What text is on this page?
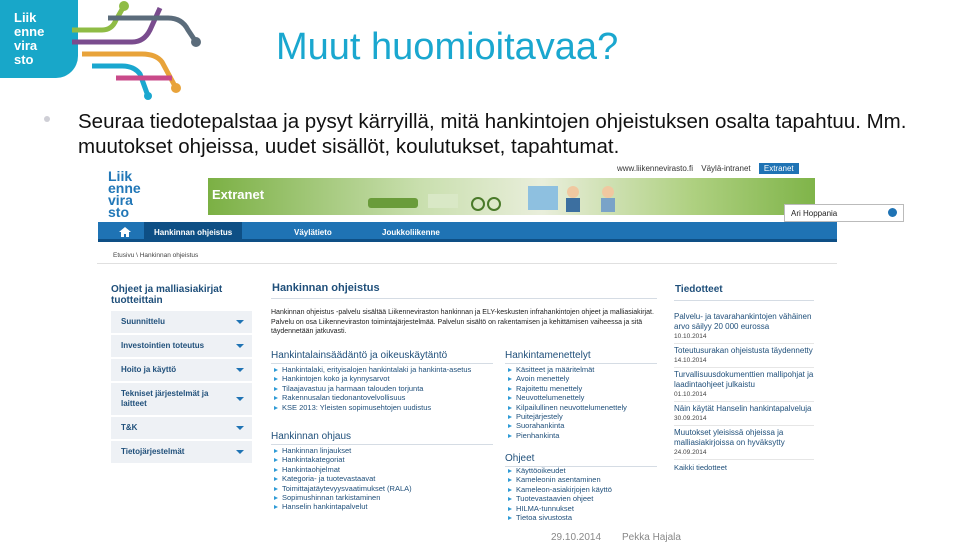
Liik
enne
vira
sto	Muut huomioitavaa?
Seuraa tiedotepalstaa ja pysyt kärryillä, mitä hankintojen ohjeistuksen osalta tapahtuu. Mm. muutokset ohjeissa, uudet sisällöt, koulutukset, tapahtumat.
Liik
enne
vira
sto
www.liikennevirasto.fi Väylä-intranet Extranet
Extranet
Ari Hoppania
Hankinnan ohjeistus	Väylätieto	Joukkoliikenne
Etusivu \ Hankinnan ohjeistus
Ohjeet ja malliasiakirjat tuotteittain
Suunnittelu
Investointien toteutus
Hoito ja käyttö
Tekniset järjestelmät ja laitteet
T&K
Tietojärjestelmät
Hankinnan ohjeistus
Hankinnan ohjeistus -palvelu sisältää Liikenneviraston hankinnan ja ELY-keskusten infrahankintojen ohjeet ja malliasiakirjat. Palvelu on osa Liikenneviraston toimintajärjestelmää. Palvelun sisältö on rakentamisen ja kehittämisen vaiheessa ja sitä täydennetään jatkuvasti.
Hankintalainsäädäntö ja oikeuskäytäntö
Hankintalaki, erityisalojen hankintalaki ja hankinta-asetus
Hankintojen koko ja kynnysarvot
Tilaajavastuu ja harmaan talouden torjunta
Rakennusalan tiedonantovelvollisuus
KSE 2013: Yleisten sopimusehtojen uudistus
Hankintamenettelyt
Käsitteet ja määritelmät
Avoin menettely
Rajoitettu menettely
Neuvottelumenettely
Kilpailullinen neuvottelumenettely
Puitejärjestely
Suorahankinta
Pienhankinta
Hankinnan ohjaus
Hankinnan linjaukset
Hankintakategoriat
Hankintaohjelmat
Kategoria- ja tuotevastaavat
Toimittajatäytevyysvaatimukset (RALA)
Sopimushinnan tarkistaminen
Hanselin hankintapalvelut
Ohjeet
Käyttöoikeudet
Kameleonin asentaminen
Kameleon-asiakirjojen käyttö
Tuotevastaavien ohjeet
HILMA-tunnukset
Tietoa sivustosta
Tiedotteet
Palvelu- ja tavarahankintojen vähäinen arvo säilyy 20 000 eurossa
10.10.2014
Toteutusurakan ohjeistusta täydennetty
14.10.2014
Turvallisuusdokumenttien mallipohjat ja laadintaohjeet julkaistu
01.10.2014
Näin käytät Hanselin hankintapalveluja
30.09.2014
Muutokset yleisissä ohjeissa ja malliasiakirjoissa on hyväksytty
24.09.2014
Kaikki tiedotteet
29.10.2014 Pekka Hajala
